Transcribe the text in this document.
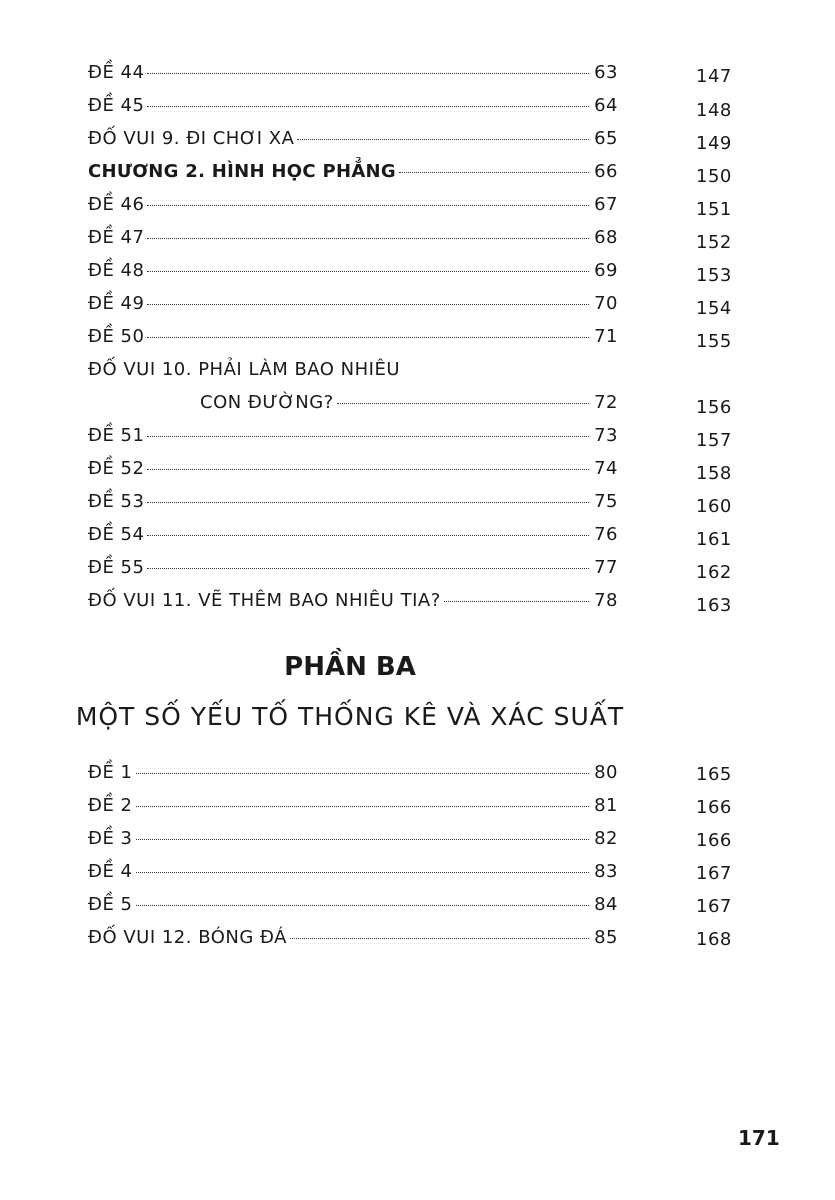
ĐỀ 44	63	147
ĐỀ 45	64	148
ĐỐ VUI 9. ĐI CHƠI XA	65	149
CHƯƠNG 2. HÌNH HỌC PHẲNG	66	150
ĐỀ 46	67	151
ĐỀ 47	68	152
ĐỀ 48	69	153
ĐỀ 49	70	154
ĐỀ 50	71	155
ĐỐ VUI 10. PHẢI LÀM BAO NHIÊU
CON ĐƯỜNG?	72	156
ĐỀ 51	73	157
ĐỀ 52	74	158
ĐỀ 53	75	160
ĐỀ 54	76	161
ĐỀ 55	77	162
ĐỐ VUI 11. VẼ THÊM BAO NHIÊU TIA?	78	163
PHẦN BA
MỘT SỐ YẾU TỐ THỐNG KÊ VÀ XÁC SUẤT
ĐỀ 1	80	165
ĐỀ 2	81	166
ĐỀ 3	82	166
ĐỀ 4	83	167
ĐỀ 5	84	167
ĐỐ VUI 12. BÓNG ĐÁ	85	168
171
